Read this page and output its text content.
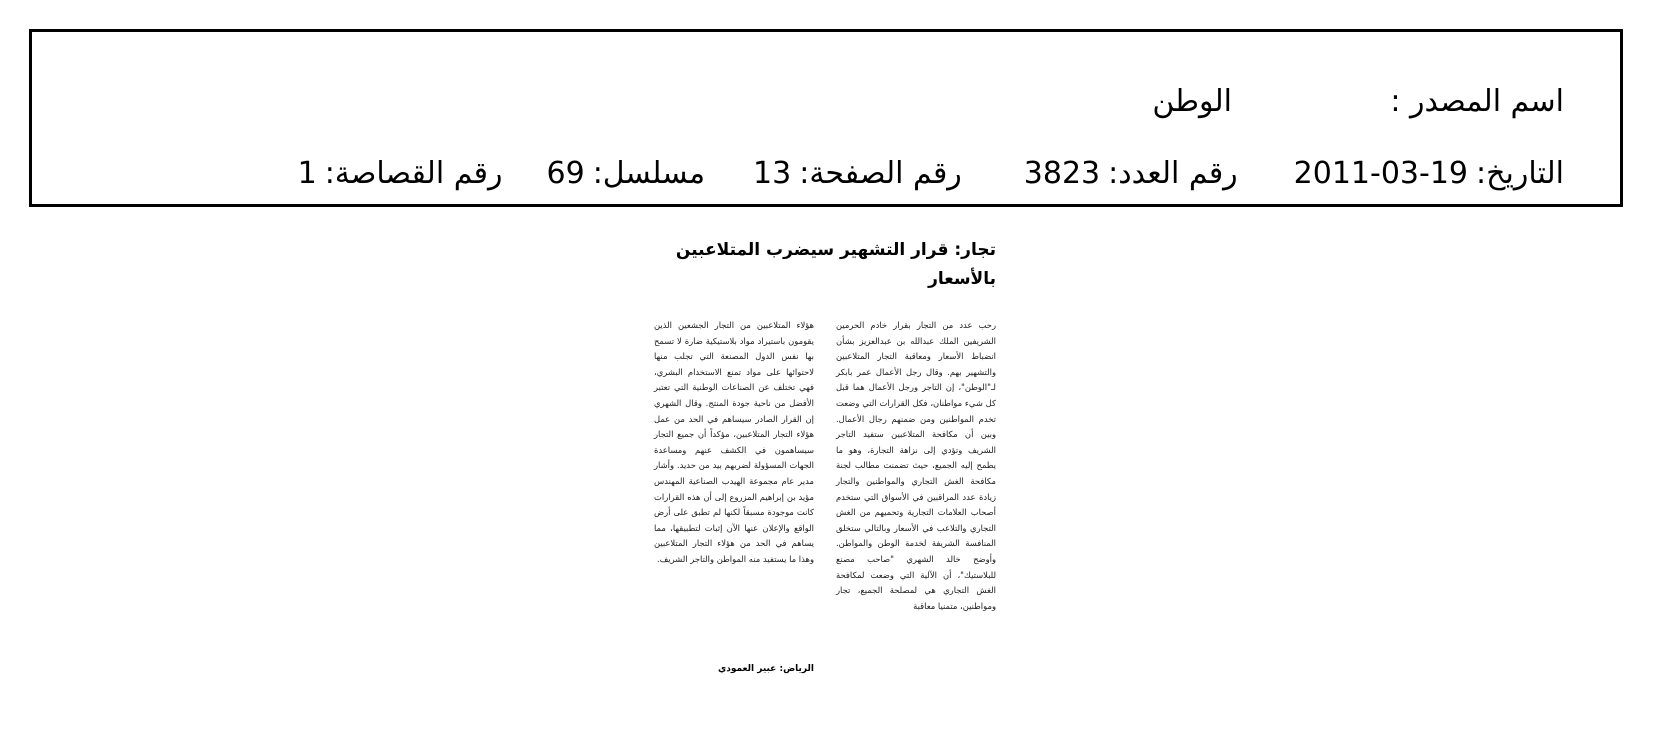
اسم المصدر :
الوطن
التاريخ:2011-03-19
رقم العدد:3823
رقم الصفحة:13
مسلسل:69
رقم القصاصة:1
تجار: قرار التشهير سيضرب المتلاعبين بالأسعار

رحب عدد من التجار بقرار خادم الحرمين الشريفين الملك عبدالله بن عبدالعزيز بشأن انضباط الأسعار ومعاقبة التجار المتلاعبين والتشهير بهم. وقال رجل الأعمال عمر بابكر لـ"الوطن"، إن التاجر ورجل الأعمال هما قبل كل شيء مواطنان، فكل القرارات التي وضعت تخدم المواطنين ومن ضمنهم رجال الأعمال. وبين أن مكافحة المتلاعبين ستفيد التاجر الشريف وتؤدي إلى نزاهة التجارة، وهو ما يطمح إليه الجميع، حيث تضمنت مطالب لجنة مكافحة الغش التجاري والمواطنين والتجار زيادة عدد المراقبين في الأسواق التي ستخدم أصحاب العلامات التجارية وتحميهم من الغش التجاري والتلاعب في الأسعار وبالتالي ستخلق المنافسة الشريفة لخدمة الوطن والمواطن. وأوضح خالد الشهري "صاحب مصنع للبلاستيك"، أن الآلية التي وضعت لمكافحة الغش التجاري هي لمصلحة الجميع، تجار ومواطنين، متمنيا معاقبة

هؤلاء المتلاعبين من التجار الجشعين الذين يقومون باستيراد مواد بلاستيكية ضارة لا تسمح بها نفس الدول المصنعة التي تجلب منها لاحتوائها على مواد تمنع الاستخدام البشري، فهي تختلف عن الصناعات الوطنية التي تعتبر الأفضل من ناحية جودة المنتج. وقال الشهري إن القرار الصادر سيساهم في الحد من عمل هؤلاء التجار المتلاعبين، مؤكداً أن جميع التجار سيساهمون في الكشف عنهم ومساعدة الجهات المسؤولة لضربهم بيد من حديد. وأشار مدير عام مجموعة الهيدب الصناعية المهندس مؤيد بن إبراهيم المزروع إلى أن هذه القرارات كانت موجودة مسبقاً لكنها لم تطبق على أرض الواقع والإعلان عنها الآن إثبات لتطبيقها، مما يساهم في الحد من هؤلاء التجار المتلاعبين وهذا ما يستفيد منه المواطن والتاجر الشريف.

الرياض: عبير العمودي
